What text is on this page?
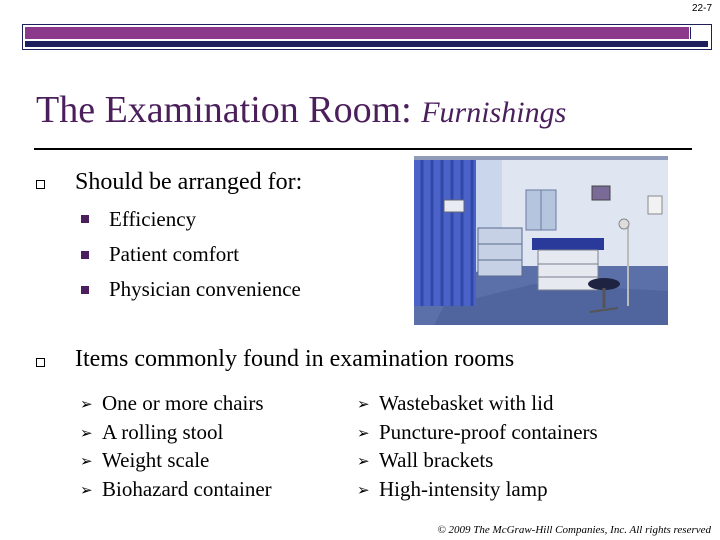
22-7
The Examination Room: Furnishings
Should be arranged for:
Efficiency
Patient comfort
Physician convenience
Items commonly found in examination rooms
➢ One or more chairs
➢ A rolling stool
➢ Weight scale
➢ Biohazard container
➢ Wastebasket with lid
➢ Puncture-proof containers
➢ Wall brackets
➢ High-intensity lamp
© 2009 The McGraw-Hill Companies, Inc. All rights reserved
